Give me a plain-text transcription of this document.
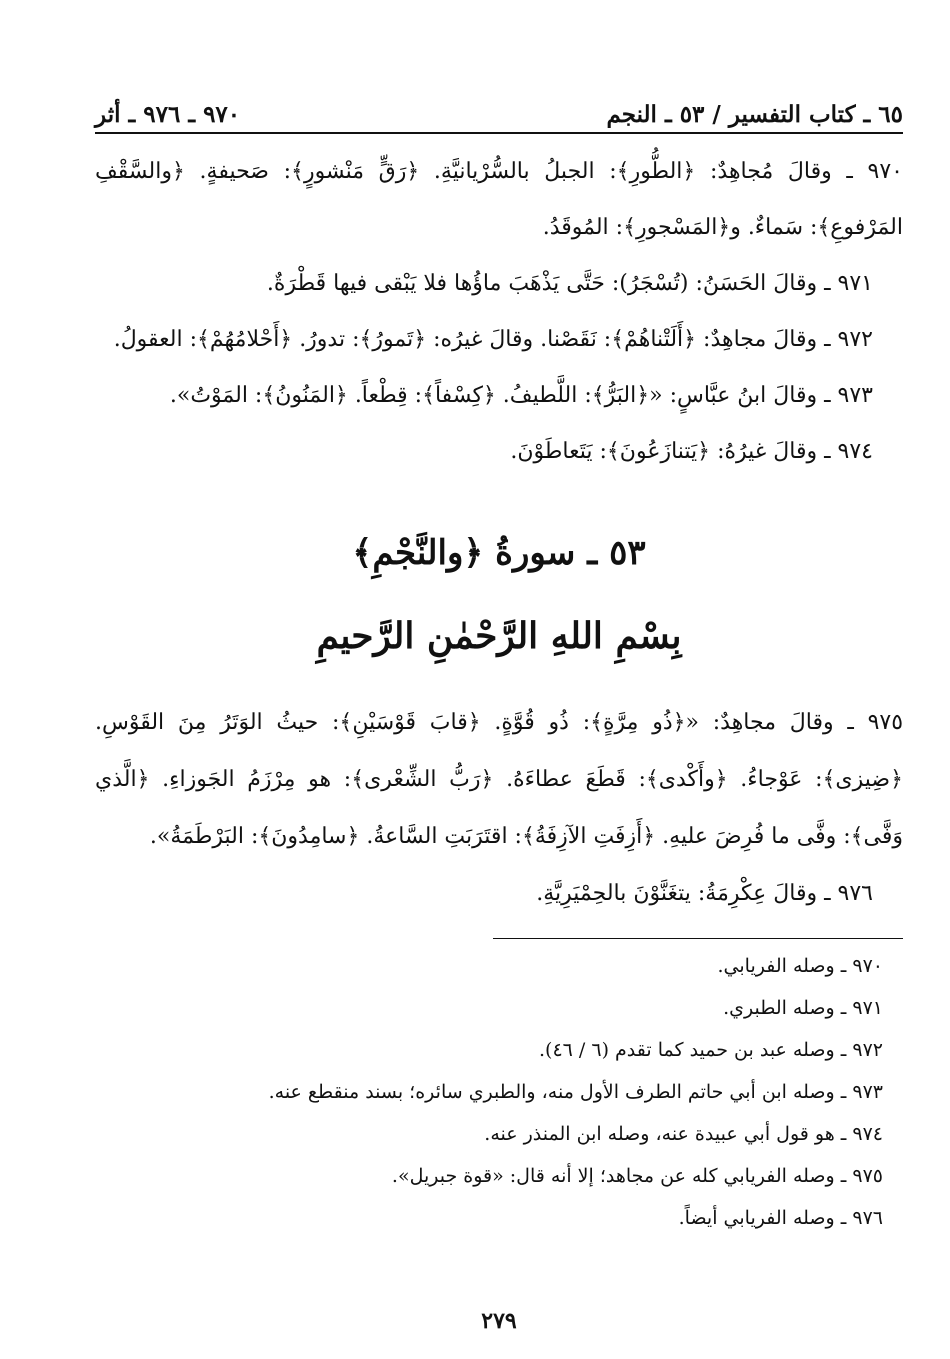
٦٥ ـ كتاب التفسير / ٥٣ ـ النجم
٩٧٠ ـ ٩٧٦ ـ أثر

٩٧٠ ـ وقالَ مُجاهِدٌ: ﴿الطُّورِ﴾: الجبلُ بالسُّرْيانيَّةِ. ﴿رَقٍّ مَنْشورٍ﴾: صَحيفةٍ. ﴿والسَّقْفِ المَرْفوعِ﴾: سَماءٌ. و﴿المَسْجورِ﴾: المُوقَدُ.

٩٧١ ـ وقالَ الحَسَنُ: (تُسْجَرُ): حَتَّى يَذْهَبَ ماؤُها فلا يَبْقى فيها قَطْرَةٌ.

٩٧٢ ـ وقالَ مجاهِدٌ: ﴿أَلَتْناهُمْ﴾: نَقَصْنا. وقالَ غيرُه: ﴿تَمورُ﴾: تدورُ. ﴿أَحْلامُهُمْ﴾: العقولُ.

٩٧٣ ـ وقالَ ابنُ عبَّاسٍ: «﴿البَرُّ﴾: اللَّطيفُ. ﴿كِسْفاً﴾: قِطْعاً. ﴿المَنُونُ﴾: المَوْتُ».

٩٧٤ ـ وقالَ غيرُهُ: ﴿يَتنازَعُونَ﴾: يَتَعاطَوْنَ.

٥٣ ـ سورةُ ﴿والنَّجْمِ﴾
بِسْمِ اللهِ الرَّحْمٰنِ الرَّحيمِ

٩٧٥ ـ وقالَ مجاهِدٌ: «﴿ذُو مِرَّةٍ﴾: ذُو قُوَّةٍ. ﴿قابَ قَوْسَيْنِ﴾: حيثُ الوَتَرُ مِنَ القَوْسِ. ﴿ضِيزى﴾: عَوْجاءُ. ﴿وأَكْدى﴾: قَطَعَ عطاءَهُ. ﴿رَبُّ الشِّعْرى﴾: هو مِرْزَمُ الجَوزاءِ. ﴿الَّذي وَفَّى﴾: وفَّى ما فُرِضَ عليهِ. ﴿أَزِفَتِ الآزِفَةُ﴾: اقتَرَبَتِ السَّاعةُ. ﴿سامِدُونَ﴾: البَرْطَمَةُ».

٩٧٦ ـ وقالَ عِكْرِمَةُ: يتغَنَّوْنَ بالحِمْيَرِيَّةِ.

٩٧٠ ـ وصله الفريابي.
٩٧١ ـ وصله الطبري.
٩٧٢ ـ وصله عبد بن حميد كما تقدم (٦ / ٤٦).
٩٧٣ ـ وصله ابن أبي حاتم الطرف الأول منه، والطبري سائره؛ بسند منقطع عنه.
٩٧٤ ـ هو قول أبي عبيدة عنه، وصله ابن المنذر عنه.
٩٧٥ ـ وصله الفريابي كله عن مجاهد؛ إلا أنه قال: «قوة جبريل».
٩٧٦ ـ وصله الفريابي أيضاً.
٢٧٩
